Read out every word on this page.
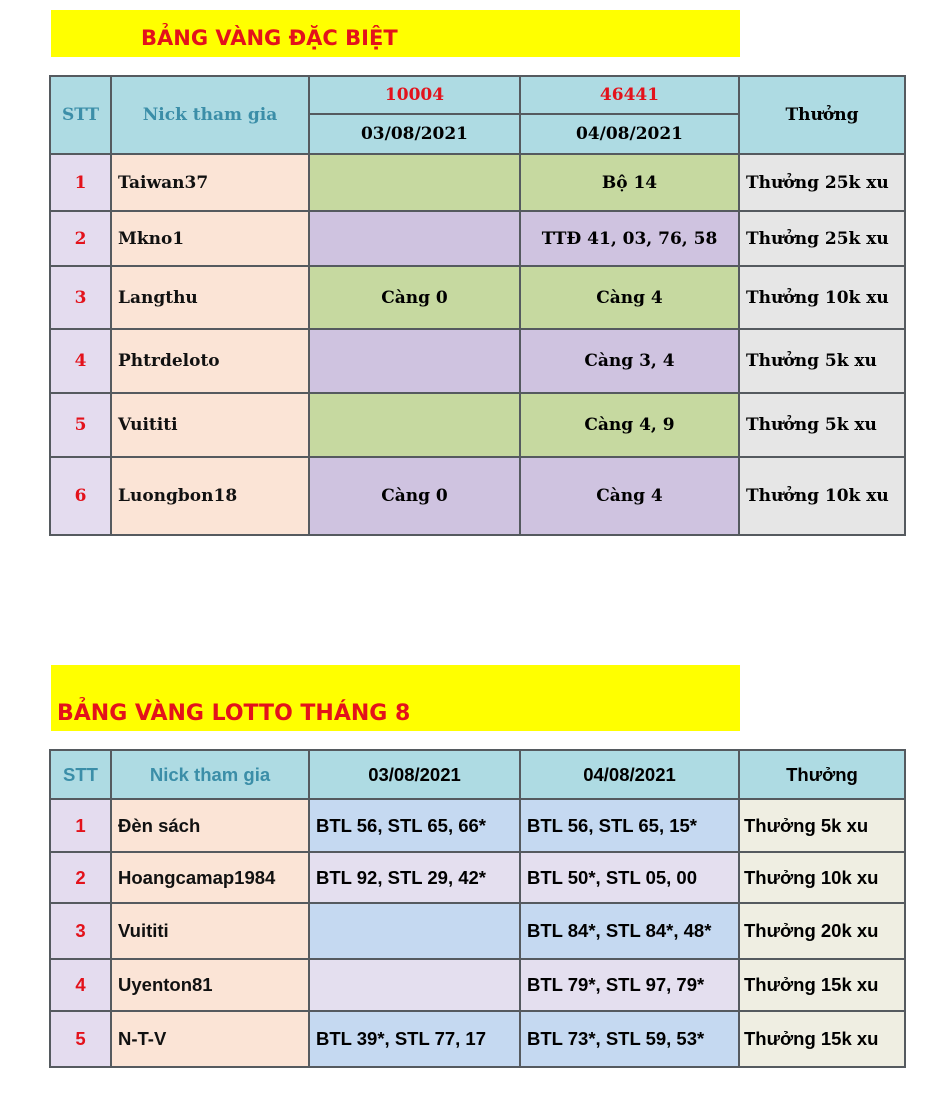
BẢNG VÀNG ĐẶC BIỆT
STT	Nick tham gia	10004	46441	Thưởng
		03/08/2021	04/08/2021	
1	Taiwan37		Bộ 14	Thưởng 25k xu
2	Mkno1		TTĐ 41, 03, 76, 58	Thưởng 25k xu
3	Langthu	Càng 0	Càng 4	Thưởng 10k xu
4	Phtrdeloto		Càng 3, 4	Thưởng 5k xu
5	Vuititi		Càng 4, 9	Thưởng 5k xu
6	Luongbon18	Càng 0	Càng 4	Thưởng 10k xu
BẢNG VÀNG LOTTO THÁNG 8
STT	Nick tham gia	03/08/2021	04/08/2021	Thưởng
1	Đèn sách	BTL 56, STL 65, 66*	BTL 56, STL 65, 15*	Thưởng 5k xu
2	Hoangcamap1984	BTL 92, STL 29, 42*	BTL 50*, STL 05, 00	Thưởng 10k xu
3	Vuititi		BTL 84*, STL 84*, 48*	Thưởng 20k xu
4	Uyenton81		BTL 79*, STL 97, 79*	Thưởng 15k xu
5	N-T-V	BTL 39*, STL 77, 17	BTL 73*, STL 59, 53*	Thưởng 15k xu
